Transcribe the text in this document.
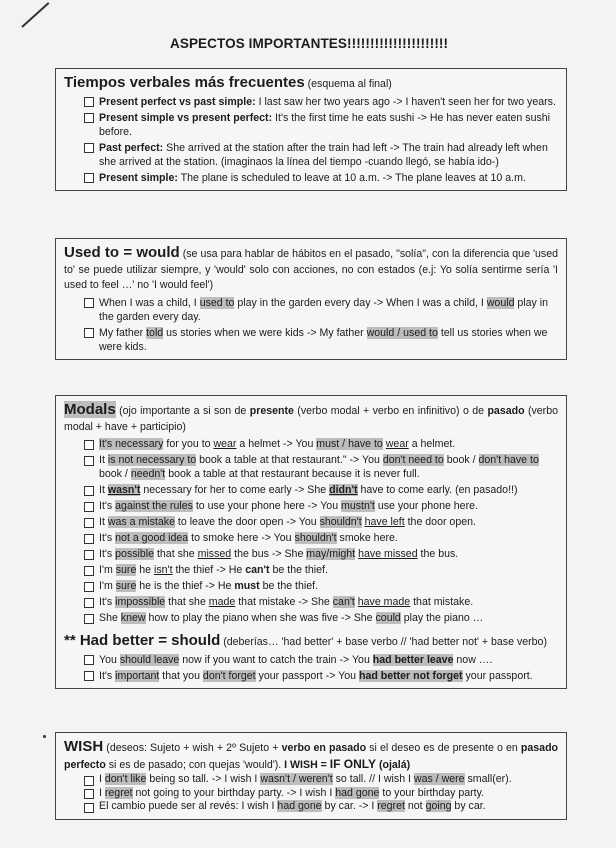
ASPECTOS IMPORTANTES!!!!!!!!!!!!!!!!!!!!!!

Tiempos verbales más frecuentes (esquema al final)

Present perfect vs past simple: I last saw her two years ago -> I haven't seen her for two years.
Present simple vs present perfect: It's the first time he eats sushi -> He has never eaten sushi before.
Past perfect: She arrived at the station after the train had left -> The train had already left when she arrived at the station. (imaginaos la línea del tiempo -cuando llegó, se había ido-)
Present simple: The plane is scheduled to leave at 10 a.m. -> The plane leaves at 10 a.m.

Used to = would (se usa para hablar de hábitos en el pasado, "solía", con la diferencia que 'used to' se puede utilizar siempre, y 'would' solo con acciones, no con estados (e.j: Yo solía sentirme sería 'I used to feel …' no 'I would feel')

When I was a child, I used to play in the garden every day -> When I was a child, I would play in the garden every day.
My father told us stories when we were kids -> My father would / used to tell us stories when we were kids.

Modals (ojo importante a si son de presente (verbo modal + verbo en infinitivo) o de pasado (verbo modal + have + participio)

It's necessary for you to wear a helmet -> You must / have to wear a helmet.
It is not necessary to book a table at that restaurant." -> You don't need to book / don't have to book / needn't book a table at that restaurant because it is never full.
It wasn't necessary for her to come early -> She didn't have to come early. (en pasado!!)
It's against the rules to use your phone here -> You mustn't use your phone here.
It was a mistake to leave the door open -> You shouldn't have left the door open.
It's not a good idea to smoke here -> You shouldn't smoke here.
It's possible that she missed the bus -> She may/might have missed the bus.
I'm sure he isn't the thief -> He can't be the thief.
I'm sure he is the thief -> He must be the thief.
It's impossible that she made that mistake -> She can't have made that mistake.
She knew how to play the piano when she was five -> She could play the piano …

** Had better = should (deberías… 'had better' + base verbo // 'had better not' + base verbo)

You should leave now if you want to catch the train -> You had better leave now ….
It's important that you don't forget your passport -> You had better not forget your passport.

WISH (deseos: Sujeto + wish + 2º Sujeto + verbo en pasado si el deseo es de presente o en pasado perfecto si es de pasado; con quejas 'would'). I WISH = IF ONLY (ojalá)

I don't like being so tall. -> I wish I wasn't / weren't so tall. // I wish I was / were small(er).
I regret not going to your birthday party. -> I wish I had gone to your birthday party.
El cambio puede ser al revés: I wish I had gone by car. -> I regret not going by car.
